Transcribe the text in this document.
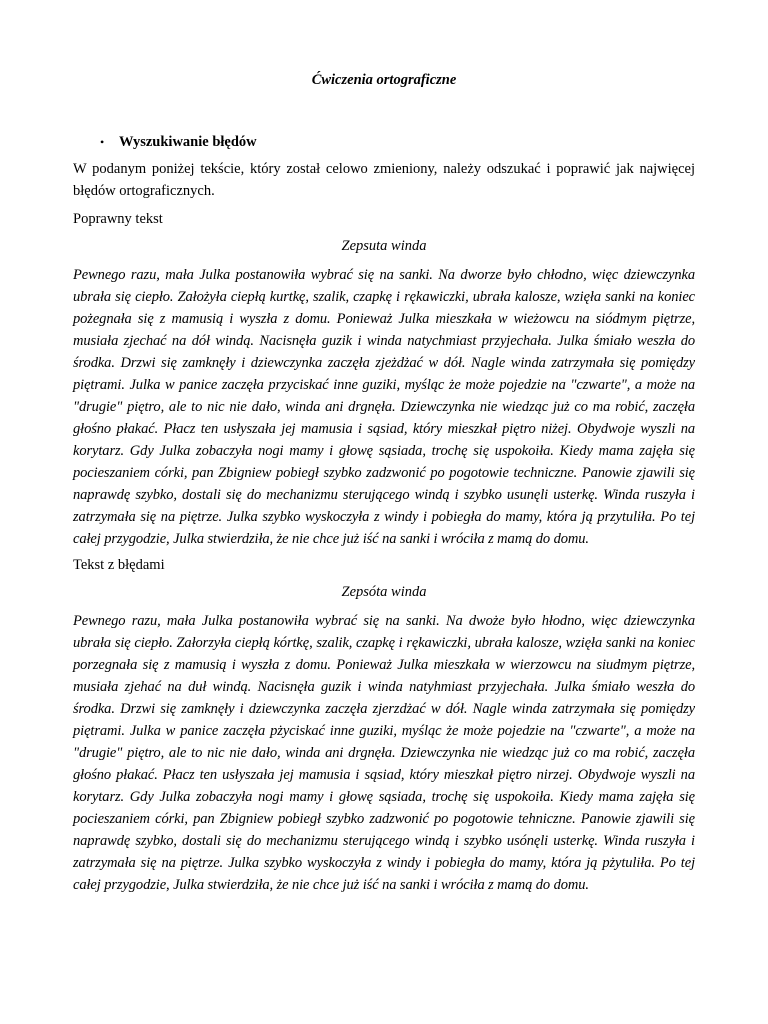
Ćwiczenia ortograficzne

•	Wyszukiwanie błędów

W podanym poniżej tekście, który został celowo zmieniony, należy odszukać i poprawić jak najwięcej błędów ortograficznych.

Poprawny tekst

Zepsuta winda

Pewnego razu, mała Julka postanowiła wybrać się na sanki. Na dworze było chłodno, więc dziewczynka ubrała się ciepło. Założyła ciepłą kurtkę, szalik, czapkę i rękawiczki, ubrała kalosze, wzięła sanki na koniec pożegnała się z mamusią i wyszła z domu. Ponieważ Julka mieszkała w wieżowcu na siódmym piętrze, musiała zjechać na dół windą. Nacisnęła guzik i winda natychmiast przyjechała. Julka śmiało weszła do środka. Drzwi się zamknęły i dziewczynka zaczęła zjeżdżać w dół. Nagle winda zatrzymała się pomiędzy piętrami. Julka w panice zaczęła przyciskać inne guziki, myśląc że może pojedzie na "czwarte", a może na "drugie" piętro, ale to nic nie dało, winda ani drgnęła. Dziewczynka nie wiedząc już co ma robić, zaczęła głośno płakać. Płacz ten usłyszała jej mamusia i sąsiad, który mieszkał piętro niżej. Obydwoje wyszli na korytarz. Gdy Julka zobaczyła nogi mamy i głowę sąsiada, trochę się uspokoiła. Kiedy mama zajęła się pocieszaniem córki, pan Zbigniew pobiegł szybko zadzwonić po pogotowie techniczne. Panowie zjawili się naprawdę szybko, dostali się do mechanizmu sterującego windą i szybko usunęli usterkę. Winda ruszyła i zatrzymała się na piętrze. Julka szybko wyskoczyła z windy i pobiegła do mamy, która ją przytuliła. Po tej całej przygodzie, Julka stwierdziła, że nie chce już iść na sanki i wróciła z mamą do domu.

Tekst z błędami

Zepsóta winda

Pewnego razu, mała Julka postanowiła wybrać się na sanki. Na dwoże było hłodno, więc dziewczynka ubrała się ciepło. Załorzyła ciepłą kórtkę, szalik, czapkę i rękawiczki, ubrała kalosze, wzięła sanki na koniec porzegnała się z mamusią i wyszła z domu. Ponieważ Julka mieszkała w wierzowcu na siudmym piętrze, musiała zjehać na duł windą. Nacisnęła guzik i winda natyhmiast przyjechała. Julka śmiało weszła do środka. Drzwi się zamknęły i dziewczynka zaczęła zjerzdżać w dół. Nagle winda zatrzymała się pomiędzy piętrami. Julka w panice zaczęła pżyciskać inne guziki, myśląc że może pojedzie na "czwarte", a może na "drugie" piętro, ale to nic nie dało, winda ani drgnęła. Dziewczynka nie wiedząc już co ma robić, zaczęła głośno płakać. Płacz ten usłyszała jej mamusia i sąsiad, który mieszkał piętro nirzej. Obydwoje wyszli na korytarz. Gdy Julka zobaczyła nogi mamy i głowę sąsiada, trochę się uspokoiła. Kiedy mama zajęła się pocieszaniem córki, pan Zbigniew pobiegł szybko zadzwonić po pogotowie tehniczne. Panowie zjawili się naprawdę szybko, dostali się do mechanizmu sterującego windą i szybko usónęli usterkę. Winda ruszyła i zatrzymała się na piętrze. Julka szybko wyskoczyła z windy i pobiegła do mamy, która ją pżytuliła. Po tej całej przygodzie, Julka stwierdziła, że nie chce już iść na sanki i wróciła z mamą do domu.
